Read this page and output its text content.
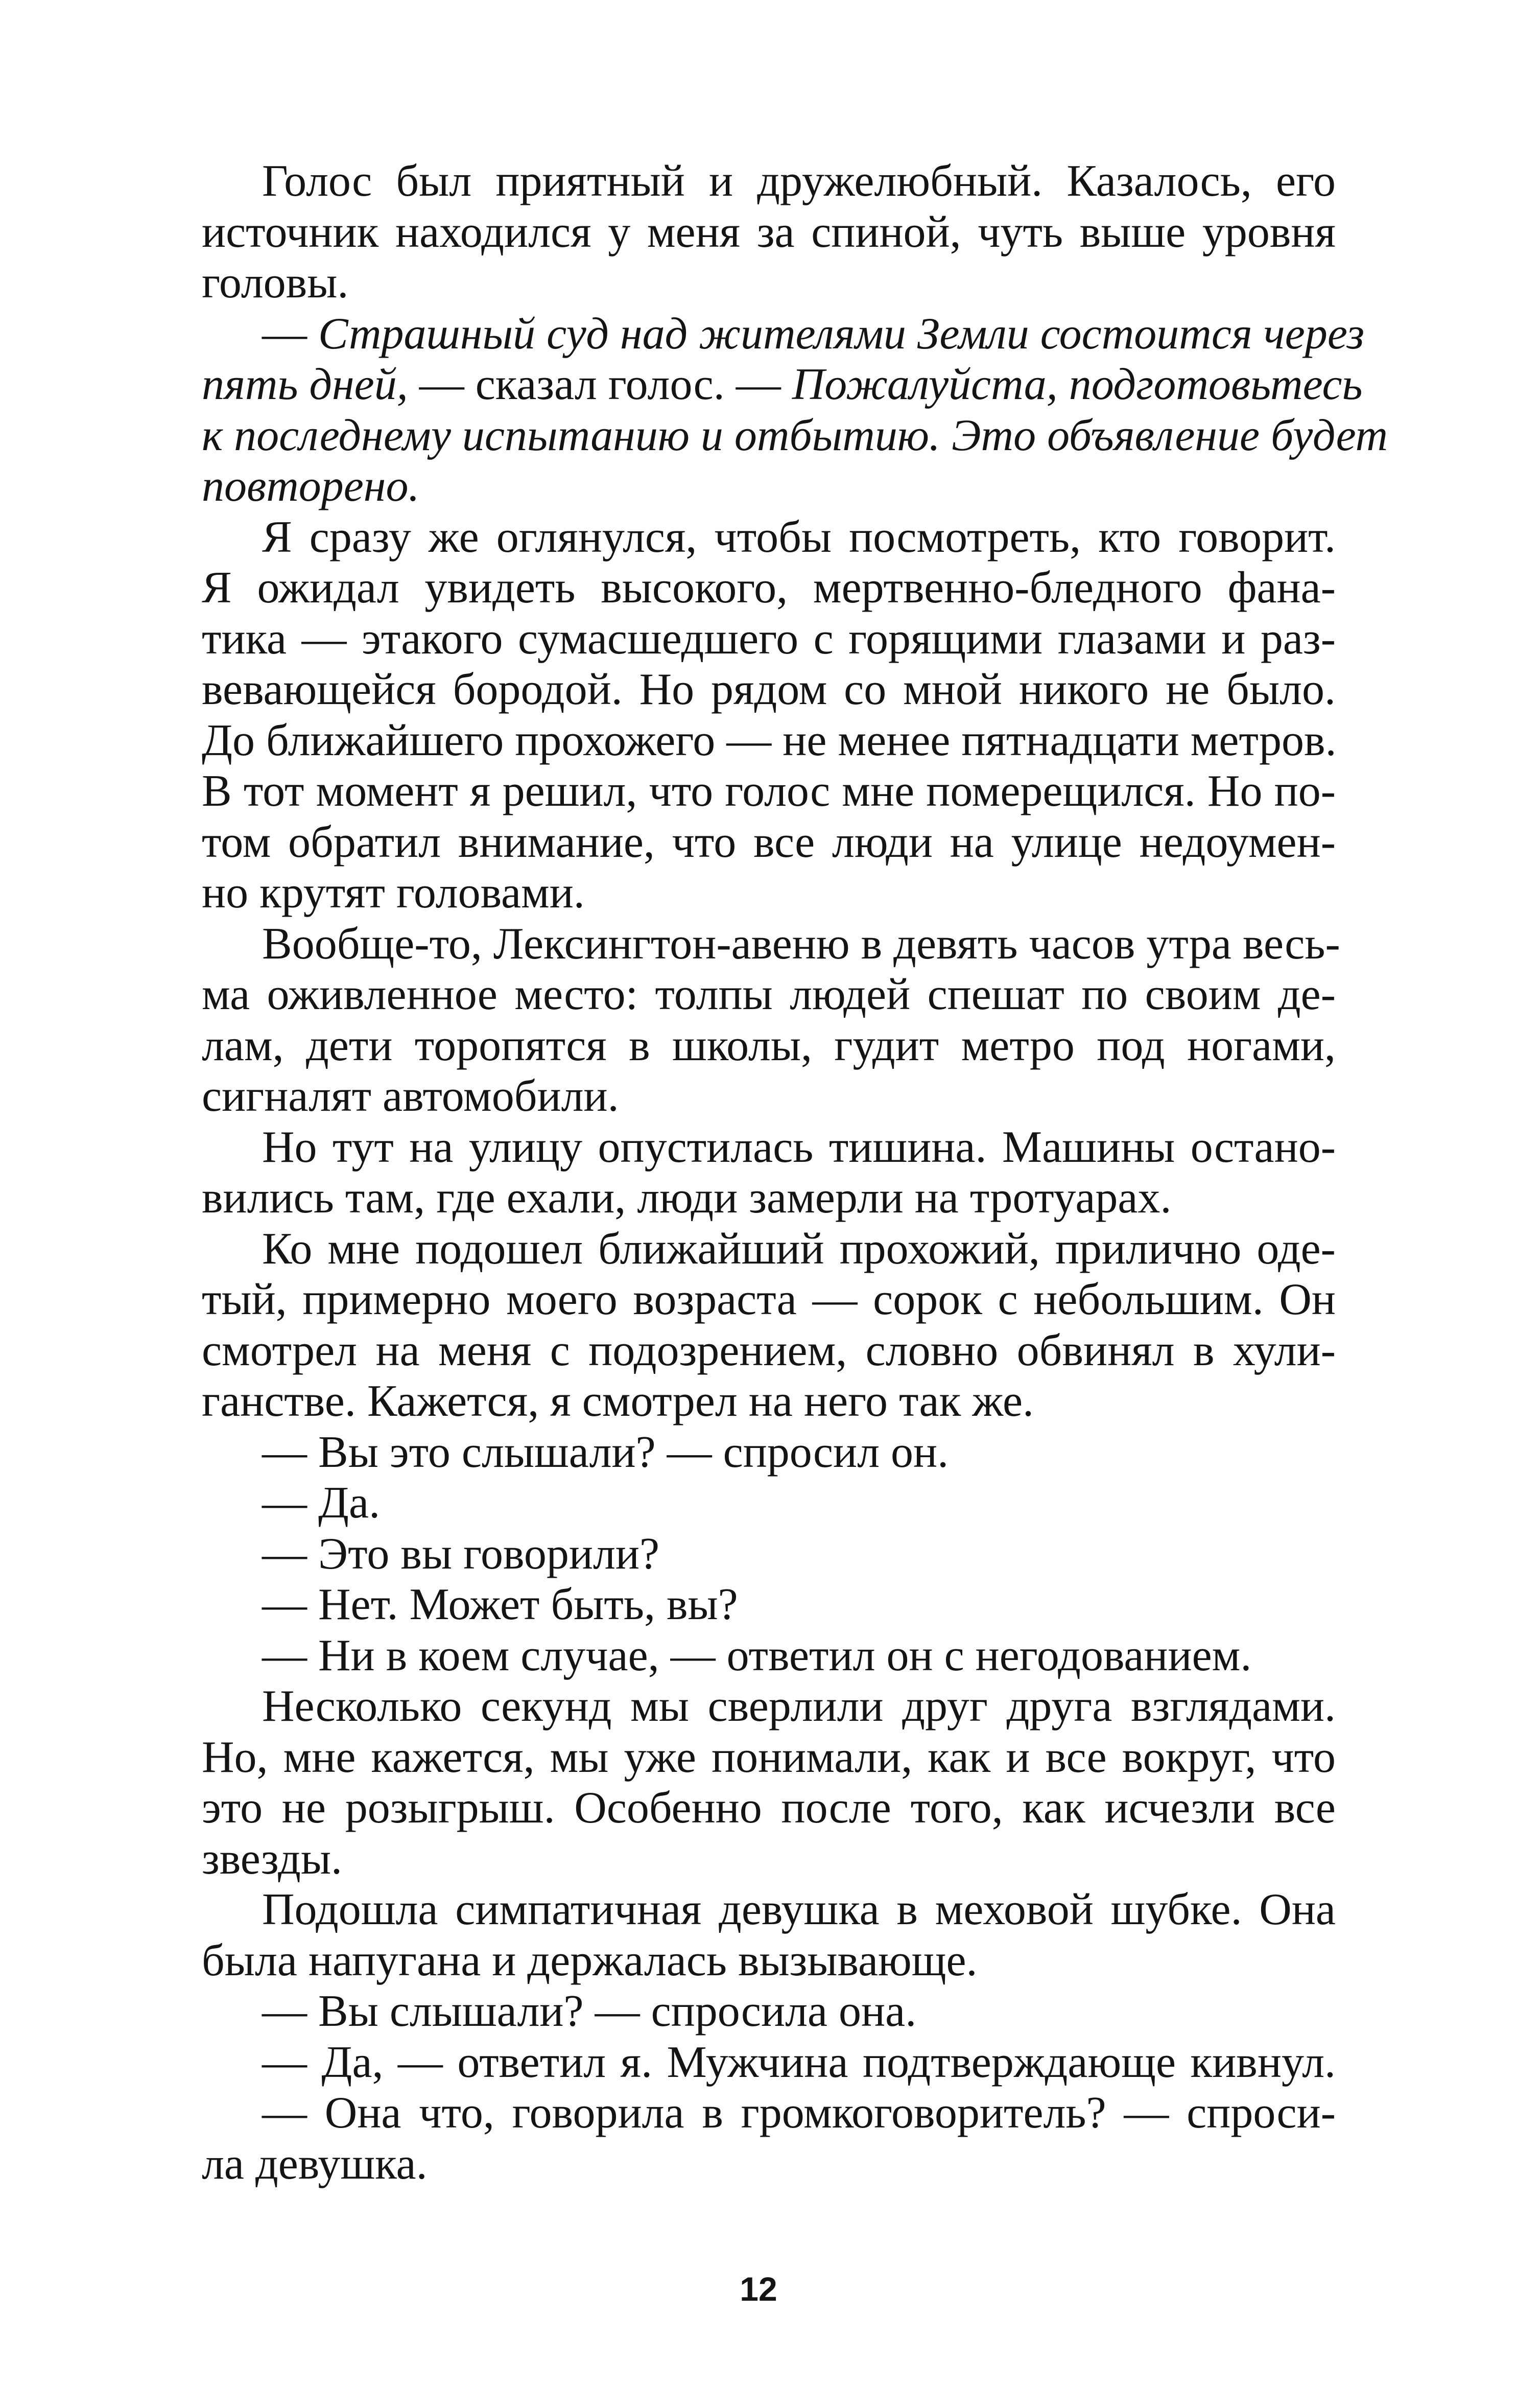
Голос был приятный и дружелюбный. Казалось, его
источник находился у меня за спиной, чуть выше уровня
головы.
— Страшный суд над жителями Земли состоится через
пять дней, — сказал голос. — Пожалуйста, подготовьтесь
к последнему испытанию и отбытию. Это объявление будет
повторено.
Я сразу же оглянулся, чтобы посмотреть, кто говорит.
Я ожидал увидеть высокого, мертвенно-бледного фана-
тика — этакого сумасшедшего с горящими глазами и раз-
вевающейся бородой. Но рядом со мной никого не было.
До ближайшего прохожего — не менее пятнадцати метров.
В тот момент я решил, что голос мне померещился. Но по-
том обратил внимание, что все люди на улице недоумен-
но крутят головами.
Вообще-то, Лексингтон-авеню в девять часов утра весь-
ма оживленное место: толпы людей спешат по своим де-
лам, дети торопятся в школы, гудит метро под ногами,
сигналят автомобили.
Но тут на улицу опустилась тишина. Машины остано-
вились там, где ехали, люди замерли на тротуарах.
Ко мне подошел ближайший прохожий, прилично оде-
тый, примерно моего возраста — сорок с небольшим. Он
смотрел на меня с подозрением, словно обвинял в хули-
ганстве. Кажется, я смотрел на него так же.
— Вы это слышали? — спросил он.
— Да.
— Это вы говорили?
— Нет. Может быть, вы?
— Ни в коем случае, — ответил он с негодованием.
Несколько секунд мы сверлили друг друга взглядами.
Но, мне кажется, мы уже понимали, как и все вокруг, что
это не розыгрыш. Особенно после того, как исчезли все
звезды.
Подошла симпатичная девушка в меховой шубке. Она
была напугана и держалась вызывающе.
— Вы слышали? — спросила она.
— Да, — ответил я. Мужчина подтверждающе кивнул.
— Она что, говорила в громкоговоритель? — спроси-
ла девушка.
12
